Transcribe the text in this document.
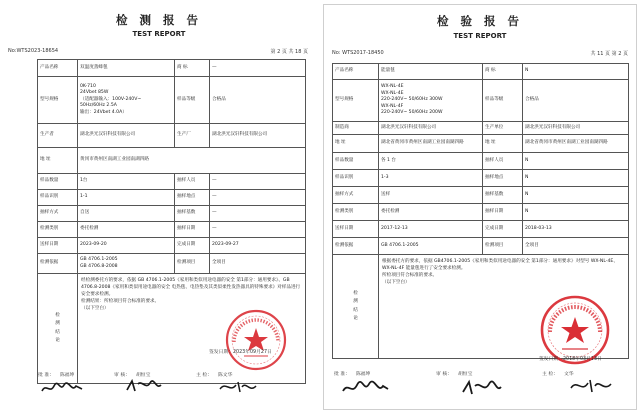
检 测 报 告
TEST REPORT
No:WTS2023-18654	第 2 页 共 18 页
产品名称	双温度蒸蜂毯	商 标	—
型号规格	0K-710
24Vbet 85W
（适配器输入：100V-240V~
50Hz/60Hz 2.5A
输出：24Vbet 4.0A）	样品等级	合格品
生产者	湖北洪光汉轩科技有限公司	生产厂	湖北洪光汉轩科技有限公司
地 址	黄冈市黄州区南湖工业园南湖四路		
样品数量	1台	抽样人员	—
样品识别	1-1	抽样地点	—
抽样方式	自送	抽样基数	—
检测类别	委托检测	抽样日期	—
送样日期	2023-09-20	完成日期	2023-09-27
检测依据	GB 4706.1-2005
GB 4706.8-2008	检测项目	全项目
检
测
结
论	经检测委托方的要求，依据 GB 4706.1-2005《家用和类似用途电器的安全 第1部分：通用要求》、GB 4706.8-2008《家用和类似用途电器的安全 电热毯、电热垫及其类似柔性发热器具的特殊要求》对样品进行安全要求检测。
检测结果：所检项目符合标准的要求。
（以下空白）		
签发日期：2023年09月27日
批 准： 陈福坤	审 核： 胡恒宝	主 检： 陈文华
检 验 报 告
TEST REPORT
No: WTS2017-18450	共 11 页 第 2 页
产品名称	能量毯	商 标	N
型号规格	WX-NL-4E
WX-NL-4E
220-240V~ 50/60Hz 300W
WX-NL-4F
220-240V~ 50/60Hz 200W	样品等级	合格品
制造商	湖北洪光汉轩科技有限公司	生产单位	湖北洪光汉轩科技有限公司
地 址	湖北省黄冈市黄州区南湖工业园南湖四路	地 址	湖北省黄冈市黄州区南湖工业园南湖四路
样品数量	各 1 台	抽样人员	N
样品识别	1-3	抽样地点	N
抽样方式	送样	抽样基数	N
检测类别	委托检测	抽样日期	N
送样日期	2017-12-13	完成日期	2018-03-13
检测依据	GB 4706.1-2005	检测项目	全项目
检
测
结
论	根据委托方的要求，依据 GB4706.1-2005《家用和类似用途电器的安全 第1部分：通用要求》对型号 WX-NL-4E、WX-NL-4F 能量毯进行了安全要求检测。
所检项目符合标准的要求。
（以下空白）		
签发日期：2018年03月13日
批 准： 陈福坤	审 核： 胡恒宝	主 检： 文华
